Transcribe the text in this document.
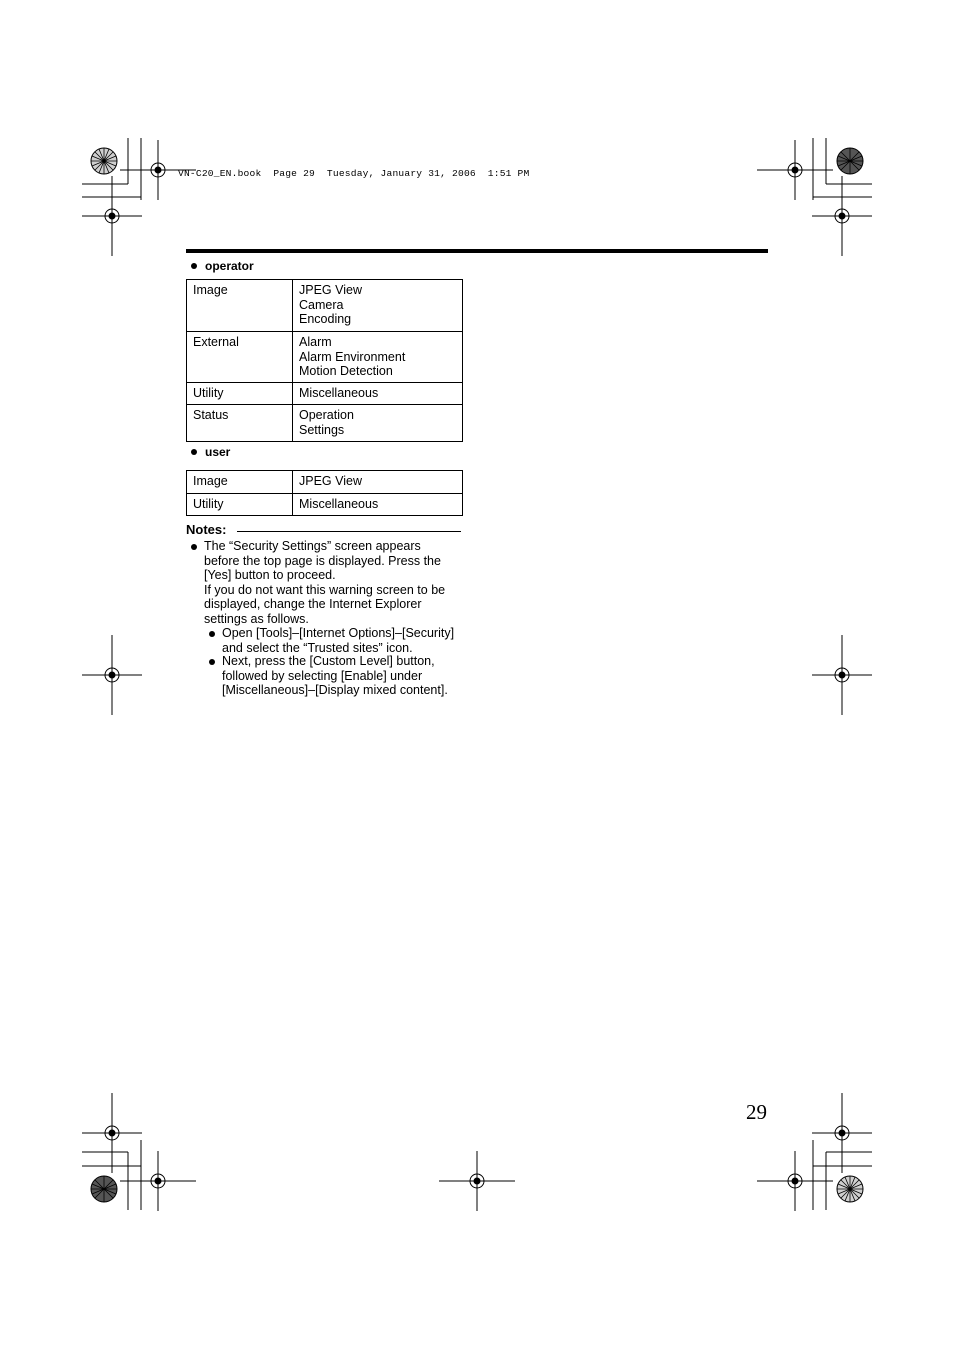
VN-C20_EN.book  Page 29  Tuesday, January 31, 2006  1:51 PM
operator
Image	JPEG View
Camera
Encoding

External	Alarm
Alarm Environment
Motion Detection

Utility	Miscellaneous

Status	Operation
Settings
user
Image	JPEG View

Utility	Miscellaneous
Notes:
The “Security Settings” screen appears
before the top page is displayed. Press the
[Yes] button to proceed.
If you do not want this warning screen to be
displayed, change the Internet Explorer
settings as follows.
Open [Tools]–[Internet Options]–[Security]
and select the “Trusted sites” icon.
Next, press the [Custom Level] button,
followed by selecting [Enable] under
[Miscellaneous]–[Display mixed content].
29
